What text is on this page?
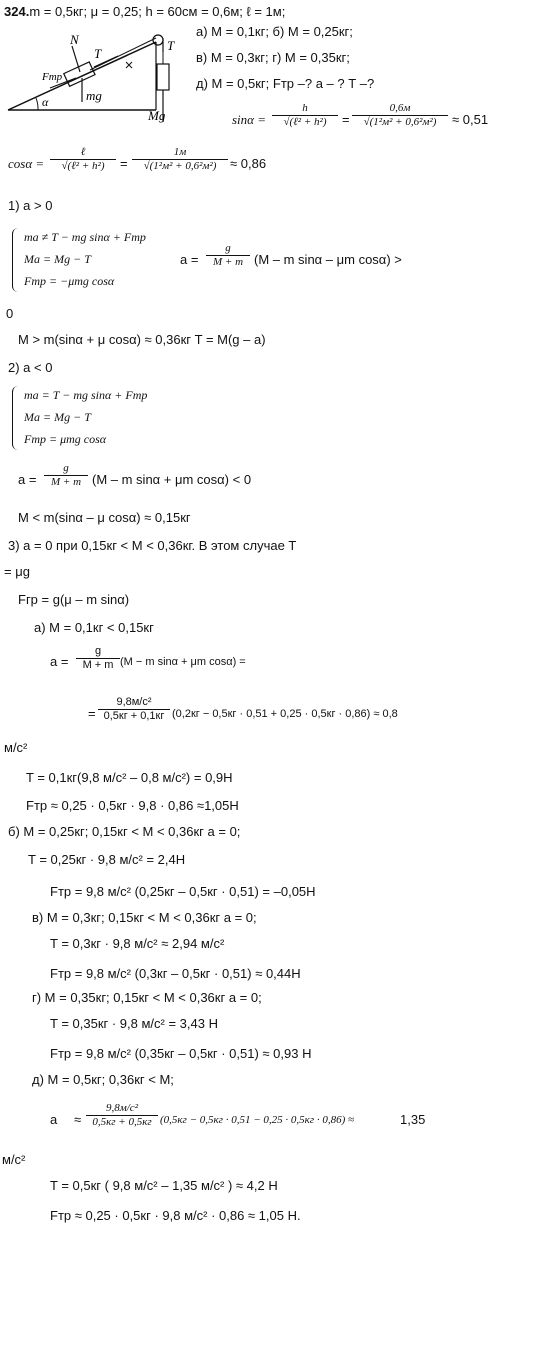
324.m = 0,5кг; μ = 0,25; h = 60см = 0,6м; ℓ = 1м;
а) М = 0,1кг; б) М = 0,25кг;
в) М = 0,3кг; г) М = 0,35кг;
д) М = 0,5кг; Fтр –? а – ? Т –?
N
T
T
Fтр
mg
Mg
α
sinα =
h
√(ℓ² + h²)	=
0,6м
√(1²м² + 0,6²м²)	≈ 0,51
cosα =
ℓ
√(ℓ² + h²)	=
1м
√(1²м² + 0,6²м²)	≈ 0,86
1) a > 0
ma ≠ T − mg sinα + Fтр
Ma = Mg − T
Fтр = −μmg cosα
$a = \frac{g}{M + m} (M - m$ sinα – μm cosα) >
0
M > m(sinα + μ cosα) ≈ 0,36кг T = M(g – a)
2) a < 0
ma = T − mg sinα + Fтр
Ma = Mg − T
Fтр = μmg cosα
$a = \frac{g}{M + m} (M - m$ sinα + μm cosα) < 0
M < m(sinα – μ cosα) ≈ 0,15кг
3) a = 0 при 0,15кг < M < 0,36кг. В этом случае T
= μg
Fгр = g(μ – m sinα)
а) M = 0,1кг < 0,15кг
$a = \frac{g}{M + m} (M - m$ sinα + μm cosα) =
=
9,8м/с²
0,5кг + 0,1кг (0,2кг − 0,5кг · 0,51 + 0,25 · 0,5кг · 0,86) ≈ 0,8
м/с²
T = 0,1кг(9,8 м/с² – 0,8 м/с²) = 0,9Н
Fтр ≈ 0,25 · 0,5кг · 9,8 · 0,86 ≈1,05Н
б) M = 0,25кг; 0,15кг < M < 0,36кг a = 0;
T = 0,25кг · 9,8 м/с² = 2,4Н
Fтр = 9,8 м/с² (0,25кг – 0,5кг · 0,51) = –0,05Н
в) M = 0,3кг; 0,15кг < M < 0,36кг a = 0;
T = 0,3кг · 9,8 м/с² ≈ 2,94 м/с²
Fтр = 9,8 м/с² (0,3кг – 0,5кг · 0,51) ≈ 0,44Н
г) M = 0,35кг; 0,15кг < M < 0,36кг a = 0;
T = 0,35кг · 9,8 м/с² = 3,43 Н
Fтр = 9,8 м/с² (0,35кг – 0,5кг · 0,51) ≈ 0,93 Н
д) M = 0,5кг; 0,36кг < M;
a ≈
9,8м/с²
0,5кг + 0,5кг (0,5кг − 0,5кг · 0,51 − 0,25 · 0,5кг · 0,86) ≈	1,35
м/с²
T = 0,5кг ( 9,8 м/с² – 1,35 м/с² ) ≈ 4,2 Н
Fтр ≈ 0,25 · 0,5кг · 9,8 м/с² · 0,86 ≈ 1,05 Н.
